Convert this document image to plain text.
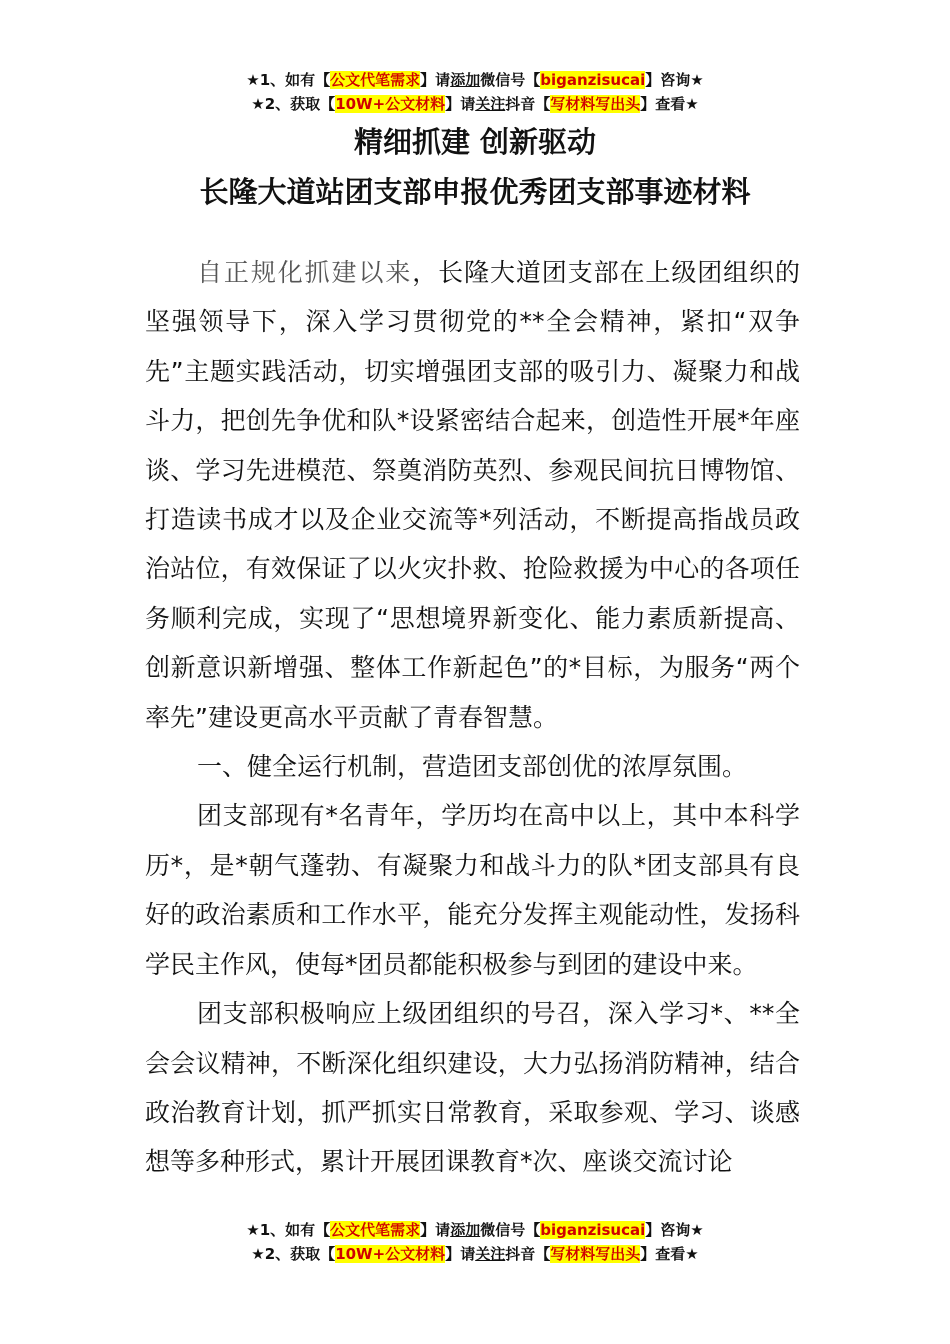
★1、如有【公文代笔需求】请添加微信号【biganzisucai】咨询★
★2、获取【10W+公文材料】请关注抖音【写材料写出头】查看★
精细抓建 创新驱动
长隆大道站团支部申报优秀团支部事迹材料

自正规化抓建以来，长隆大道团支部在上级团组织的坚强领导下，深入学习贯彻党的**全会精神，紧扣“双争先”主题实践活动，切实增强团支部的吸引力、凝聚力和战斗力，把创先争优和队*设紧密结合起来，创造性开展*年座谈、学习先进模范、祭奠消防英烈、参观民间抗日博物馆、打造读书成才以及企业交流等*列活动，不断提高指战员政治站位，有效保证了以火灾扑救、抢险救援为中心的各项任务顺利完成，实现了“思想境界新变化、能力素质新提高、创新意识新增强、整体工作新起色”的*目标，为服务“两个率先”建设更高水平贡献了青春智慧。

一、健全运行机制，营造团支部创优的浓厚氛围。

团支部现有*名青年，学历均在高中以上，其中本科学历*，是*朝气蓬勃、有凝聚力和战斗力的队*团支部具有良好的政治素质和工作水平，能充分发挥主观能动性，发扬科学民主作风，使每*团员都能积极参与到团的建设中来。

团支部积极响应上级团组织的号召，深入学习*、**全会会议精神，不断深化组织建设，大力弘扬消防精神，结合政治教育计划，抓严抓实日常教育，采取参观、学习、谈感想等多种形式，累计开展团课教育*次、座谈交流讨论

★1、如有【公文代笔需求】请添加微信号【biganzisucai】咨询★
★2、获取【10W+公文材料】请关注抖音【写材料写出头】查看★
